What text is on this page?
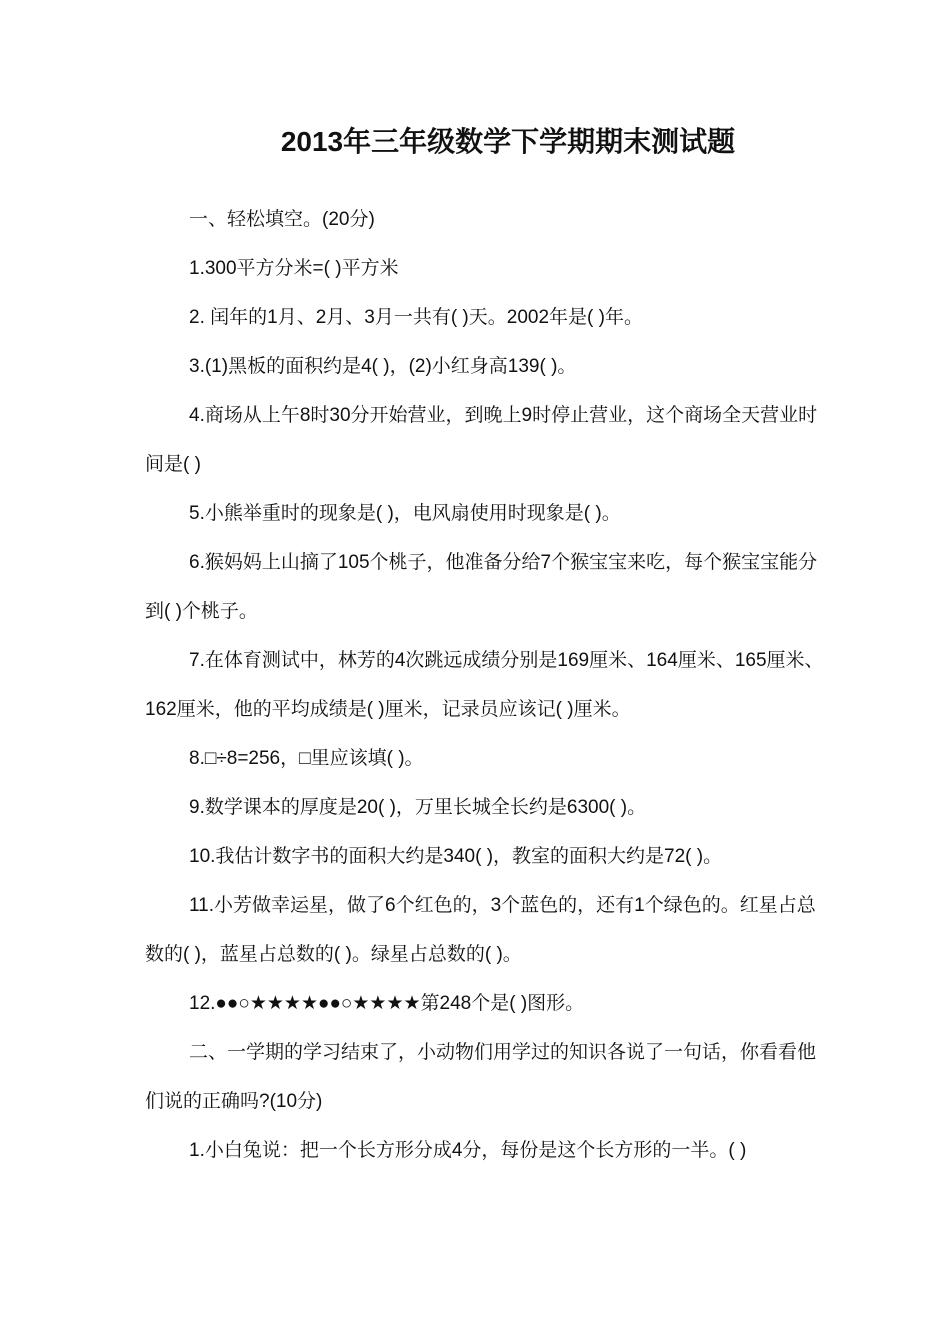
2013年三年级数学下学期期末测试题

一、轻松填空。(20分)

1.300平方分米=( )平方米

2. 闰年的1月、2月、3月一共有( )天。2002年是( )年。

3.(1)黑板的面积约是4( )，(2)小红身高139( )。

4.商场从上午8时30分开始营业，到晚上9时停止营业，这个商场全天营业时间是( )

5.小熊举重时的现象是( )，电风扇使用时现象是( )。

6.猴妈妈上山摘了105个桃子，他准备分给7个猴宝宝来吃，每个猴宝宝能分到( )个桃子。

7.在体育测试中，林芳的4次跳远成绩分别是169厘米、164厘米、165厘米、162厘米，他的平均成绩是( )厘米，记录员应该记( )厘米。

8.□÷8=256，□里应该填( )。

9.数学课本的厚度是20( )，万里长城全长约是6300( )。

10.我估计数字书的面积大约是340( )，教室的面积大约是72( )。

11.小芳做幸运星，做了6个红色的，3个蓝色的，还有1个绿色的。红星占总数的( )，蓝星占总数的( )。绿星占总数的( )。

12.●●○★★★★●●○★★★★第248个是( )图形。

二、一学期的学习结束了，小动物们用学过的知识各说了一句话，你看看他们说的正确吗?(10分)

1.小白兔说：把一个长方形分成4分，每份是这个长方形的一半。( )
